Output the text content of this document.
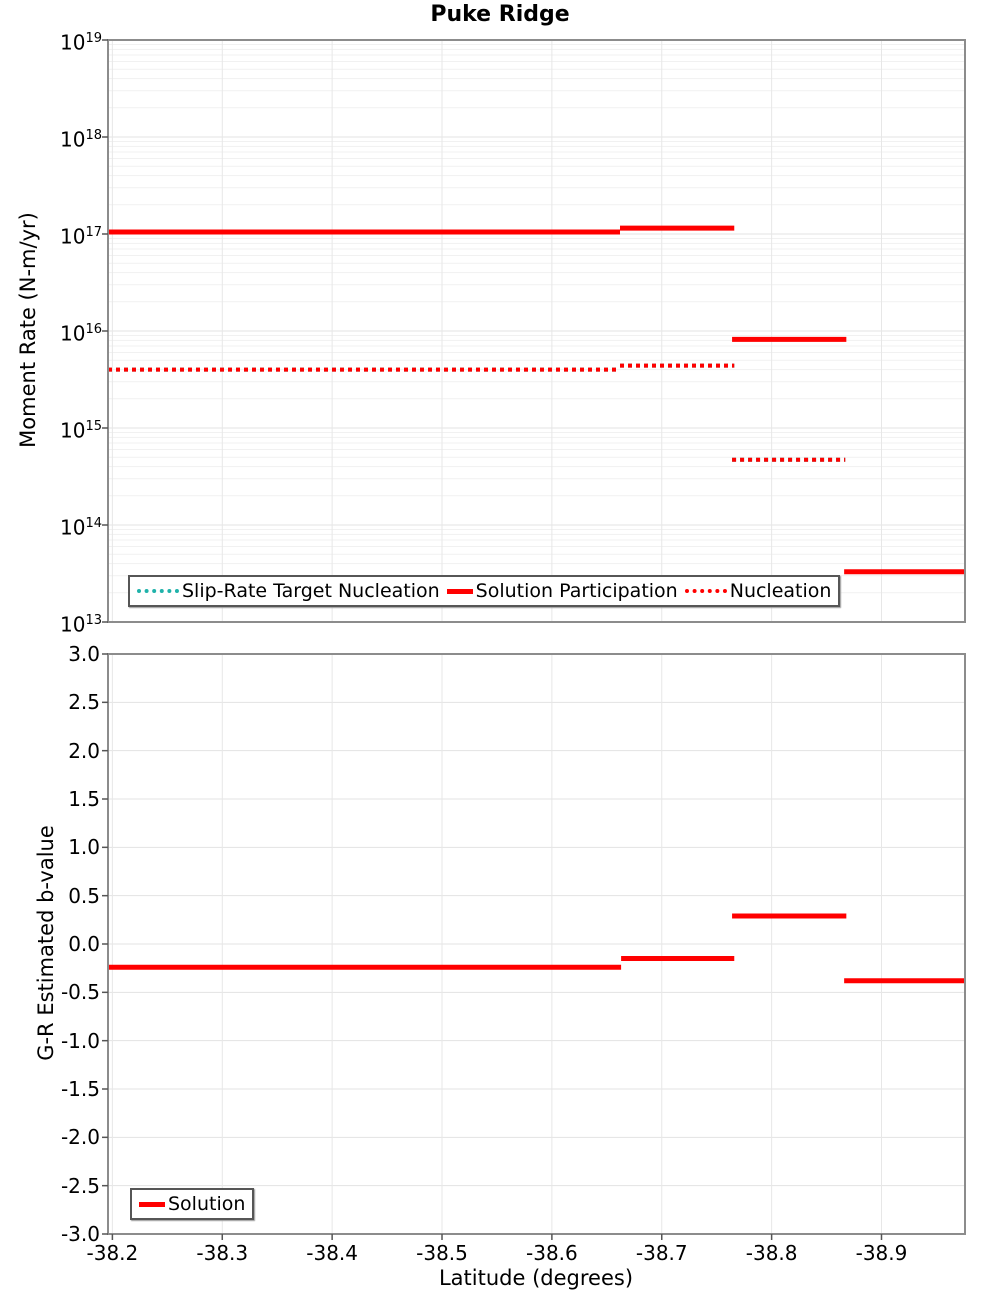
Puke Ridge
Moment Rate (N-m/yr)
G-R Estimated b-value
Latitude (degrees)
$10^{19}$
$10^{18}$
$10^{17}$
$10^{16}$
$10^{15}$
$10^{14}$
$10^{13}$
3.0
2.5
2.0
1.5
1.0
0.5
0.0
-0.5
-1.0
-1.5
-2.0
-2.5
-3.0
-38.2	-38.3	-38.4	-38.5	-38.6	-38.7	-38.8	-38.9
Slip-Rate Target Nucleation Solution Participation	Nucleation
Solution
